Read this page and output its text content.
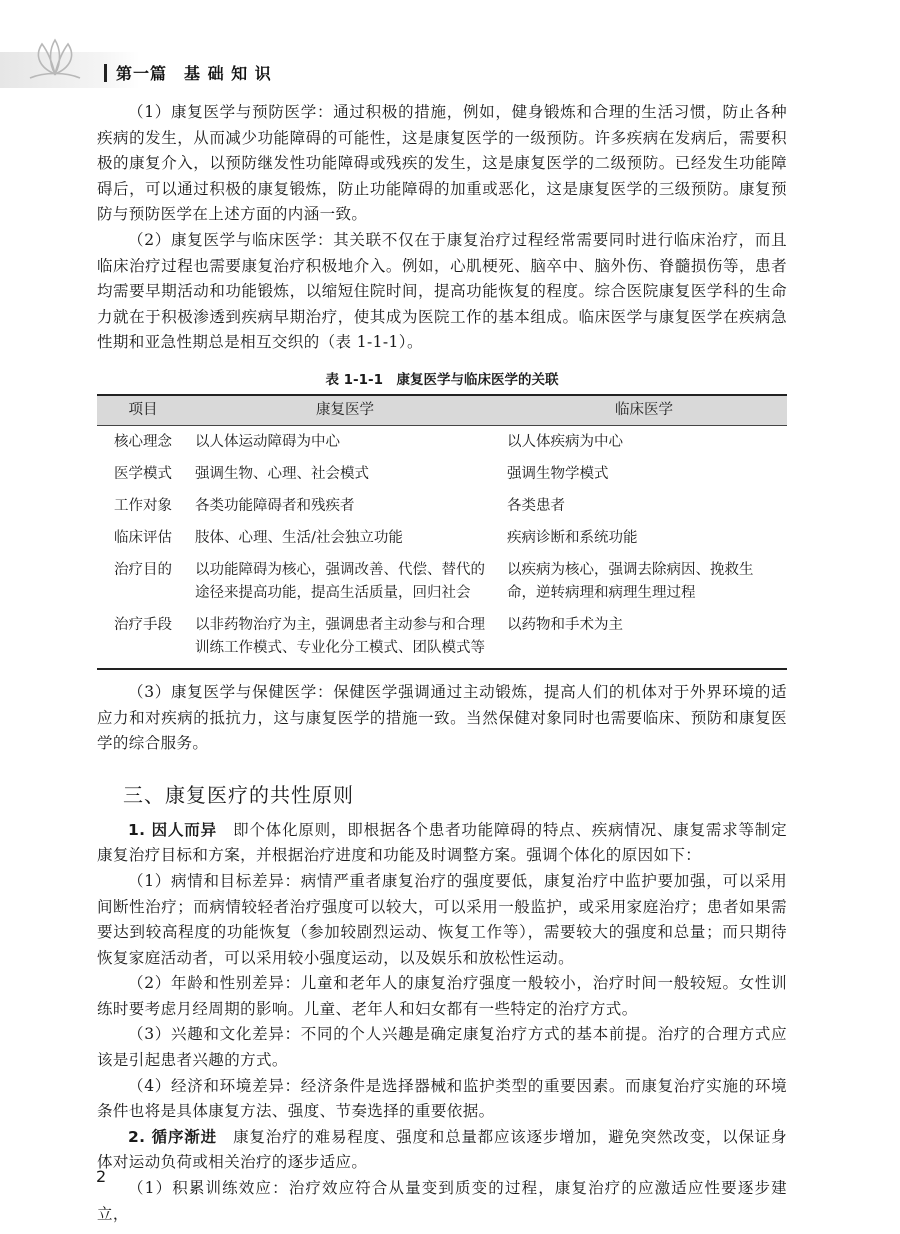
第一篇　基 础 知 识

（1）康复医学与预防医学：通过积极的措施，例如，健身锻炼和合理的生活习惯，防止各种疾病的发生，从而减少功能障碍的可能性，这是康复医学的一级预防。许多疾病在发病后，需要积极的康复介入，以预防继发性功能障碍或残疾的发生，这是康复医学的二级预防。已经发生功能障碍后，可以通过积极的康复锻炼，防止功能障碍的加重或恶化，这是康复医学的三级预防。康复预防与预防医学在上述方面的内涵一致。

（2）康复医学与临床医学：其关联不仅在于康复治疗过程经常需要同时进行临床治疗，而且临床治疗过程也需要康复治疗积极地介入。例如，心肌梗死、脑卒中、脑外伤、脊髓损伤等，患者均需要早期活动和功能锻炼，以缩短住院时间，提高功能恢复的程度。综合医院康复医学科的生命力就在于积极渗透到疾病早期治疗，使其成为医院工作的基本组成。临床医学与康复医学在疾病急性期和亚急性期总是相互交织的（表 1-1-1）。

表 1-1-1　康复医学与临床医学的关联
项目	康复医学	临床医学
核心理念	以人体运动障碍为中心	以人体疾病为中心
医学模式	强调生物、心理、社会模式	强调生物学模式
工作对象	各类功能障碍者和残疾者	各类患者
临床评估	肢体、心理、生活/社会独立功能	疾病诊断和系统功能
治疗目的	以功能障碍为核心，强调改善、代偿、替代的途径来提高功能，提高生活质量，回归社会	以疾病为核心，强调去除病因、挽救生命，逆转病理和病理生理过程
治疗手段	以非药物治疗为主，强调患者主动参与和合理训练工作模式、专业化分工模式、团队模式等	以药物和手术为主

（3）康复医学与保健医学：保健医学强调通过主动锻炼，提高人们的机体对于外界环境的适应力和对疾病的抵抗力，这与康复医学的措施一致。当然保健对象同时也需要临床、预防和康复医学的综合服务。

三、康复医疗的共性原则

1. 因人而异　即个体化原则，即根据各个患者功能障碍的特点、疾病情况、康复需求等制定康复治疗目标和方案，并根据治疗进度和功能及时调整方案。强调个体化的原因如下：

（1）病情和目标差异：病情严重者康复治疗的强度要低，康复治疗中监护要加强，可以采用间断性治疗；而病情较轻者治疗强度可以较大，可以采用一般监护，或采用家庭治疗；患者如果需要达到较高程度的功能恢复（参加较剧烈运动、恢复工作等），需要较大的强度和总量；而只期待恢复家庭活动者，可以采用较小强度运动，以及娱乐和放松性运动。

（2）年龄和性别差异：儿童和老年人的康复治疗强度一般较小，治疗时间一般较短。女性训练时要考虑月经周期的影响。儿童、老年人和妇女都有一些特定的治疗方式。

（3）兴趣和文化差异：不同的个人兴趣是确定康复治疗方式的基本前提。治疗的合理方式应该是引起患者兴趣的方式。

（4）经济和环境差异：经济条件是选择器械和监护类型的重要因素。而康复治疗实施的环境条件也将是具体康复方法、强度、节奏选择的重要依据。

2. 循序渐进　康复治疗的难易程度、强度和总量都应该逐步增加，避免突然改变，以保证身体对运动负荷或相关治疗的逐步适应。

（1）积累训练效应：治疗效应符合从量变到质变的过程，康复治疗的应激适应性要逐步建立，

2
